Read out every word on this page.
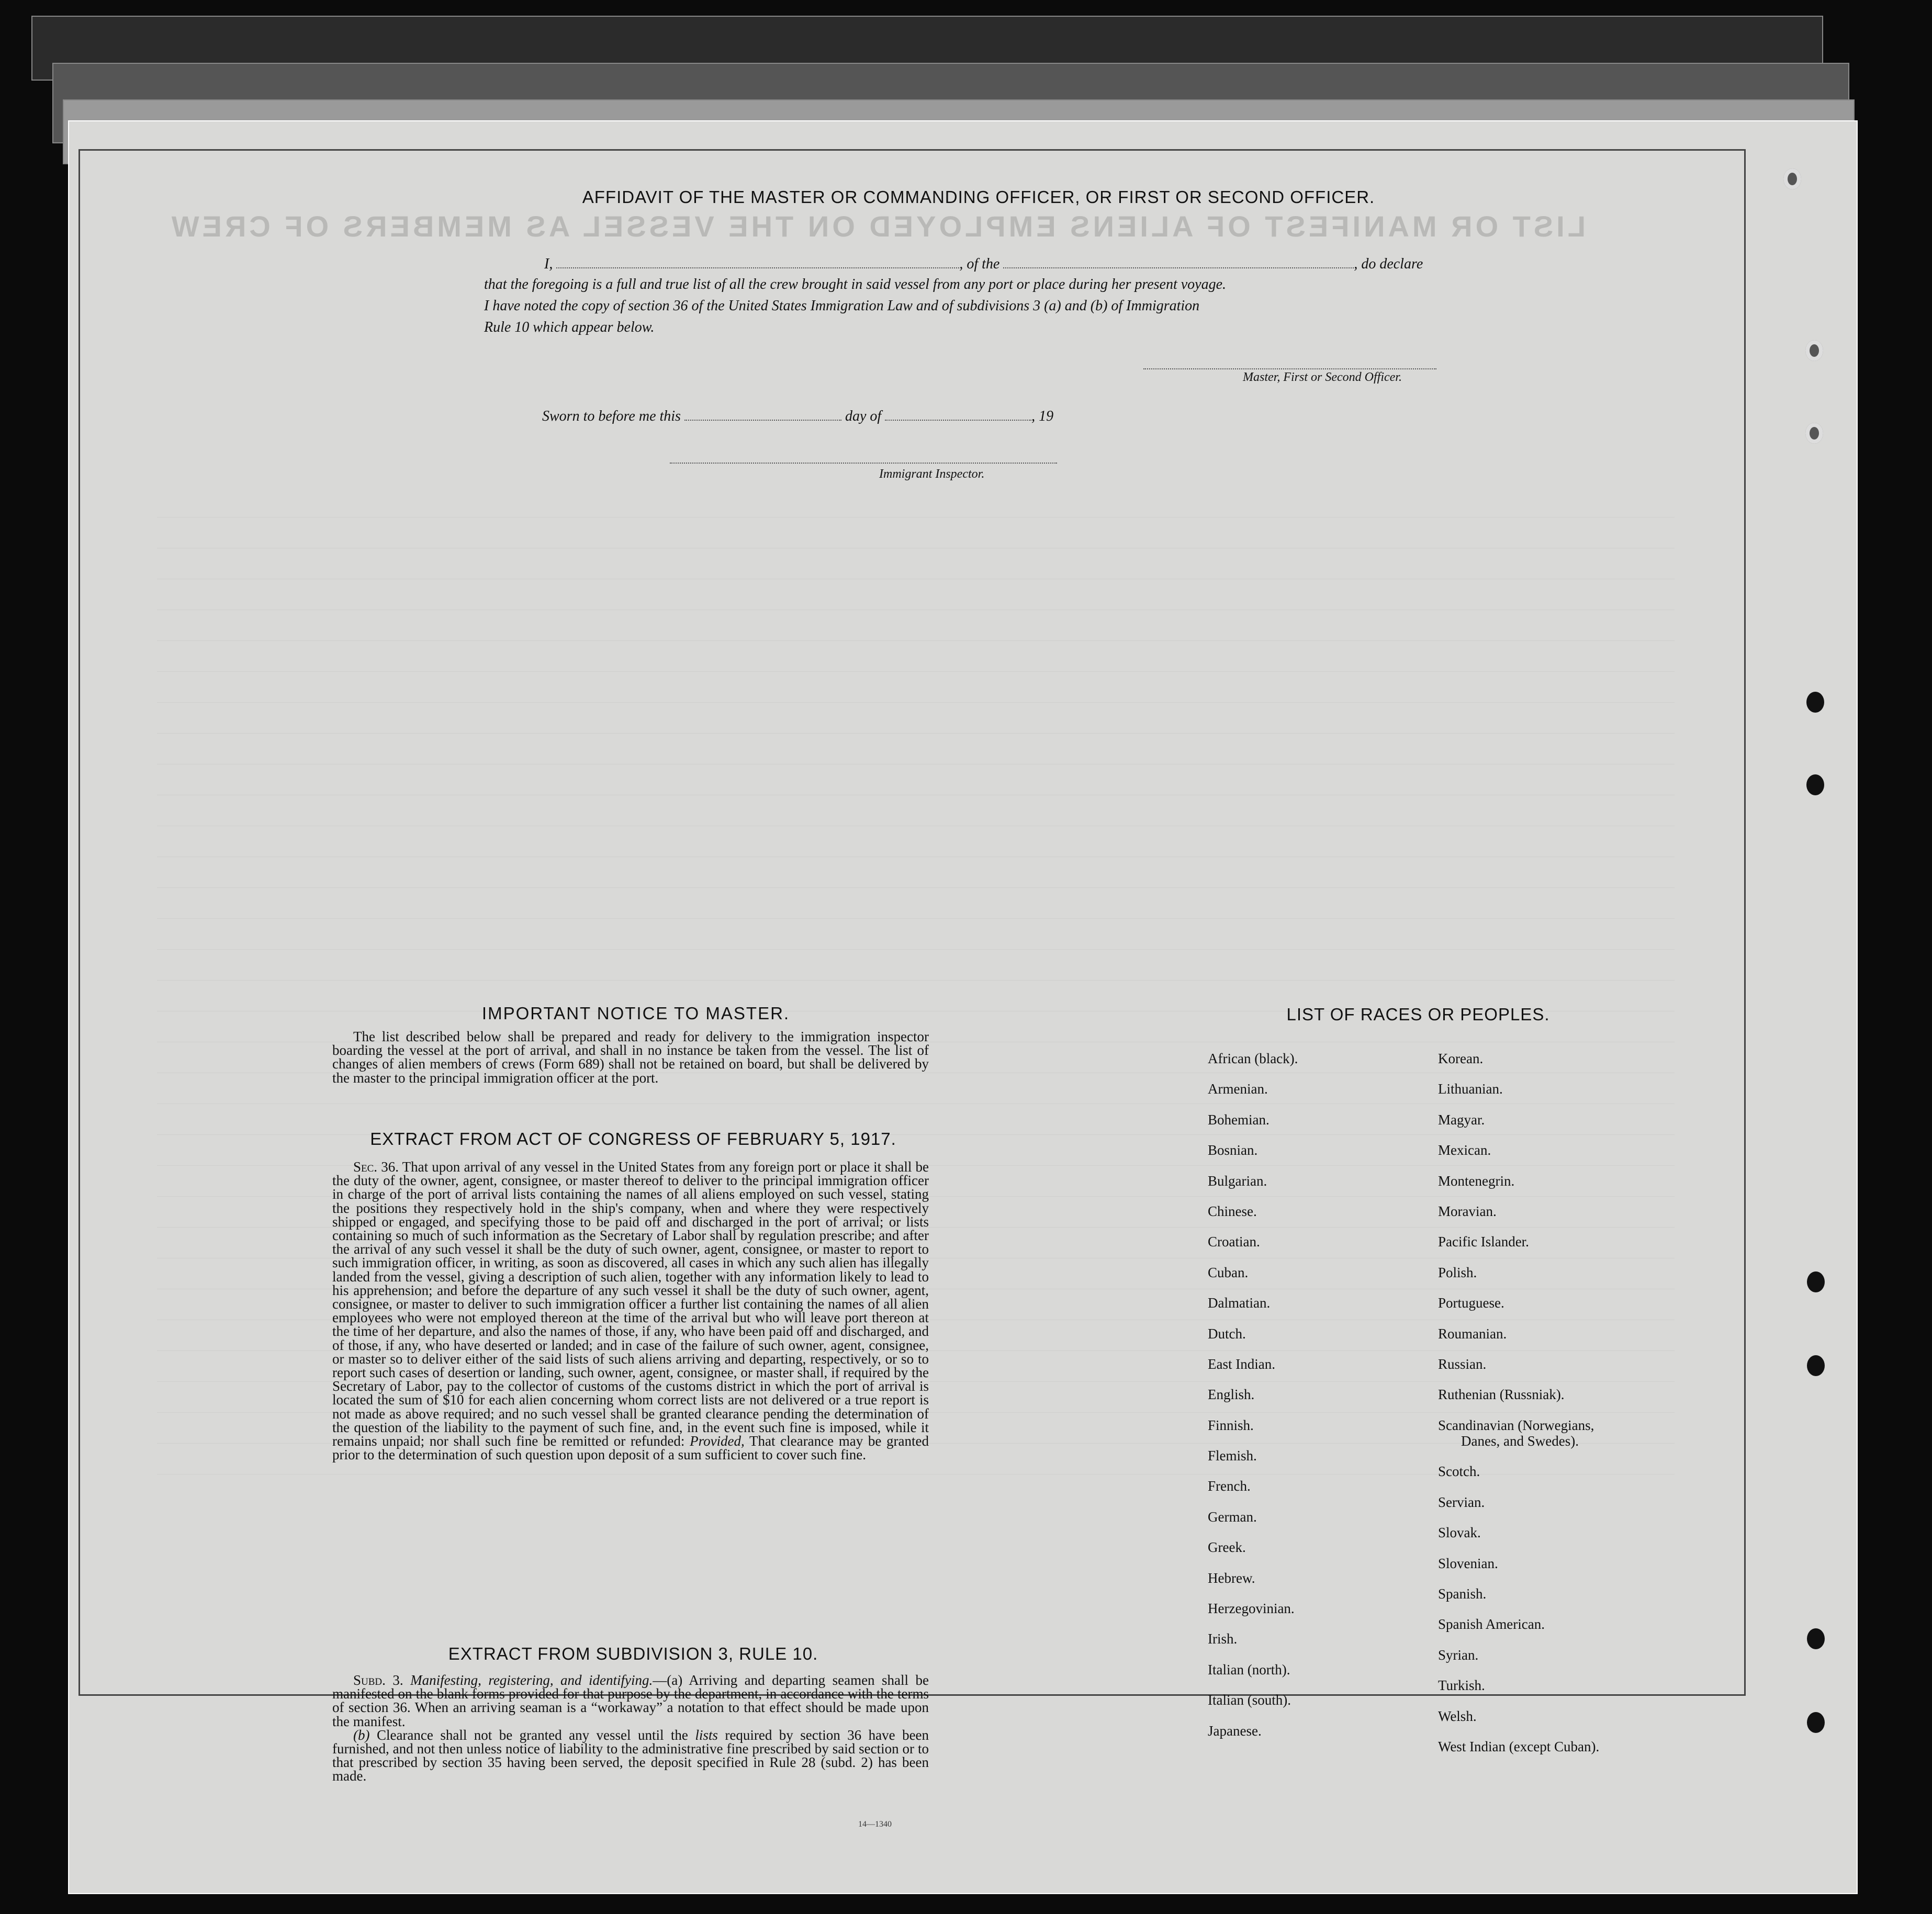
LIST OR MANIFEST OF ALIENS EMPLOYED ON THE VESSEL AS MEMBERS OF CREW
AFFIDAVIT OF THE MASTER OR COMMANDING OFFICER, OR FIRST OR SECOND OFFICER.
I,	, of the	, do declare
that the foregoing is a full and true list of all the crew brought in said vessel from any port or place during her present voyage.
I have noted the copy of section 36 of the United States Immigration Law and of subdivisions 3 (a) and (b) of Immigration
Rule 10 which appear below.
Master, First or Second Officer.
Sworn to before me this	day of	, 19
Immigrant Inspector.
IMPORTANT NOTICE TO MASTER.

The list described below shall be prepared and ready for delivery to the immigration inspector boarding the vessel at the port of arrival, and shall in no instance be taken from the vessel. The list of changes of alien members of crews (Form 689) shall not be retained on board, but shall be delivered by the master to the principal immigration officer at the port.

EXTRACT FROM ACT OF CONGRESS OF FEBRUARY 5, 1917.

Sec. 36. That upon arrival of any vessel in the United States from any foreign port or place it shall be the duty of the owner, agent, consignee, or master thereof to deliver to the principal immigration officer in charge of the port of arrival lists containing the names of all aliens employed on such vessel, stating the positions they respectively hold in the ship's company, when and where they were respectively shipped or engaged, and specifying those to be paid off and discharged in the port of arrival; or lists containing so much of such information as the Secretary of Labor shall by regulation prescribe; and after the arrival of any such vessel it shall be the duty of such owner, agent, consignee, or master to report to such immigration officer, in writing, as soon as discovered, all cases in which any such alien has illegally landed from the vessel, giving a description of such alien, together with any information likely to lead to his apprehension; and before the departure of any such vessel it shall be the duty of such owner, agent, consignee, or master to deliver to such immigration officer a further list containing the names of all alien employees who were not employed thereon at the time of the arrival but who will leave port thereon at the time of her departure, and also the names of those, if any, who have been paid off and discharged, and of those, if any, who have deserted or landed; and in case of the failure of such owner, agent, consignee, or master so to deliver either of the said lists of such aliens arriving and departing, respectively, or so to report such cases of desertion or landing, such owner, agent, consignee, or master shall, if required by the Secretary of Labor, pay to the collector of customs of the customs district in which the port of arrival is located the sum of $10 for each alien concerning whom correct lists are not delivered or a true report is not made as above required; and no such vessel shall be granted clearance pending the determination of the question of the liability to the payment of such fine, and, in the event such fine is imposed, while it remains unpaid; nor shall such fine be remitted or refunded: Provided, That clearance may be granted prior to the determination of such question upon deposit of a sum sufficient to cover such fine.

EXTRACT FROM SUBDIVISION 3, RULE 10.

Subd. 3. Manifesting, registering, and identifying.—(a) Arriving and departing seamen shall be manifested on the blank forms provided for that purpose by the department, in accordance with the terms of section 36. When an arriving seaman is a “workaway” a notation to that effect should be made upon the manifest.

(b) Clearance shall not be granted any vessel until the lists required by section 36 have been furnished, and not then unless notice of liability to the administrative fine prescribed by said section or to that prescribed by section 35 having been served, the deposit specified in Rule 28 (subd. 2) has been made.

14—1340
LIST OF RACES OR PEOPLES.
African (black).
Armenian.
Bohemian.
Bosnian.
Bulgarian.
Chinese.
Croatian.
Cuban.
Dalmatian.
Dutch.
East Indian.
English.
Finnish.
Flemish.
French.
German.
Greek.
Hebrew.
Herzegovinian.
Irish.
Italian (north).
Italian (south).
Japanese.
Korean.
Lithuanian.
Magyar.
Mexican.
Montenegrin.
Moravian.
Pacific Islander.
Polish.
Portuguese.
Roumanian.
Russian.
Ruthenian (Russniak).
Scandinavian (Norwegians,
Danes, and Swedes).
Scotch.
Servian.
Slovak.
Slovenian.
Spanish.
Spanish American.
Syrian.
Turkish.
Welsh.
West Indian (except Cuban).
